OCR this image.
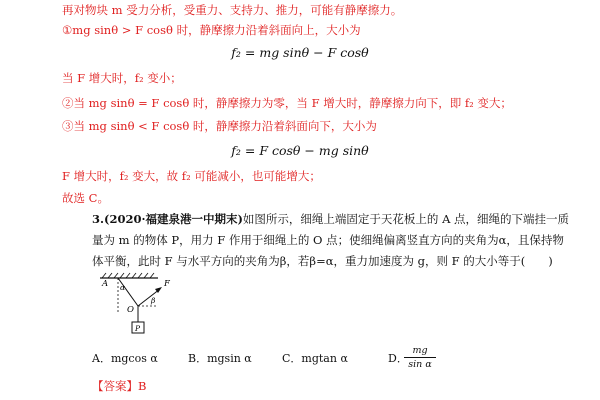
再对物块 m 受力分析，受重力、支持力、推力，可能有静摩擦力。
①mg sinθ > F cosθ 时，静摩擦力沿着斜面向上，大小为
f₂ = mg sinθ − F cosθ
当 F 增大时，f₂ 变小；
②当 mg sinθ = F cosθ 时，静摩擦力为零，当 F 增大时，静摩擦力向下，即 f₂ 变大；
③当 mg sinθ < F cosθ 时，静摩擦力沿着斜面向下，大小为
f₂ = F cosθ − mg sinθ
F 增大时，f₂ 变大，故 f₂ 可能减小，也可能增大；
故选 C。
3.(2020·福建泉港一中期末)如图所示，细绳上端固定于天花板上的 A 点，细绳的下端挂一质
量为 m 的物体 P，用力 F 作用于细绳上的 O 点；使细绳偏离竖直方向的夹角为α，且保持物
体平衡，此时 F 与水平方向的夹角为β，若β=α，重力加速度为 g，则 F 的大小等于(　　)
A α	F
β
O
P
A．mgcos α	B．mgsin α	C．mgtan α	D．
mg
sin α
【答案】B
